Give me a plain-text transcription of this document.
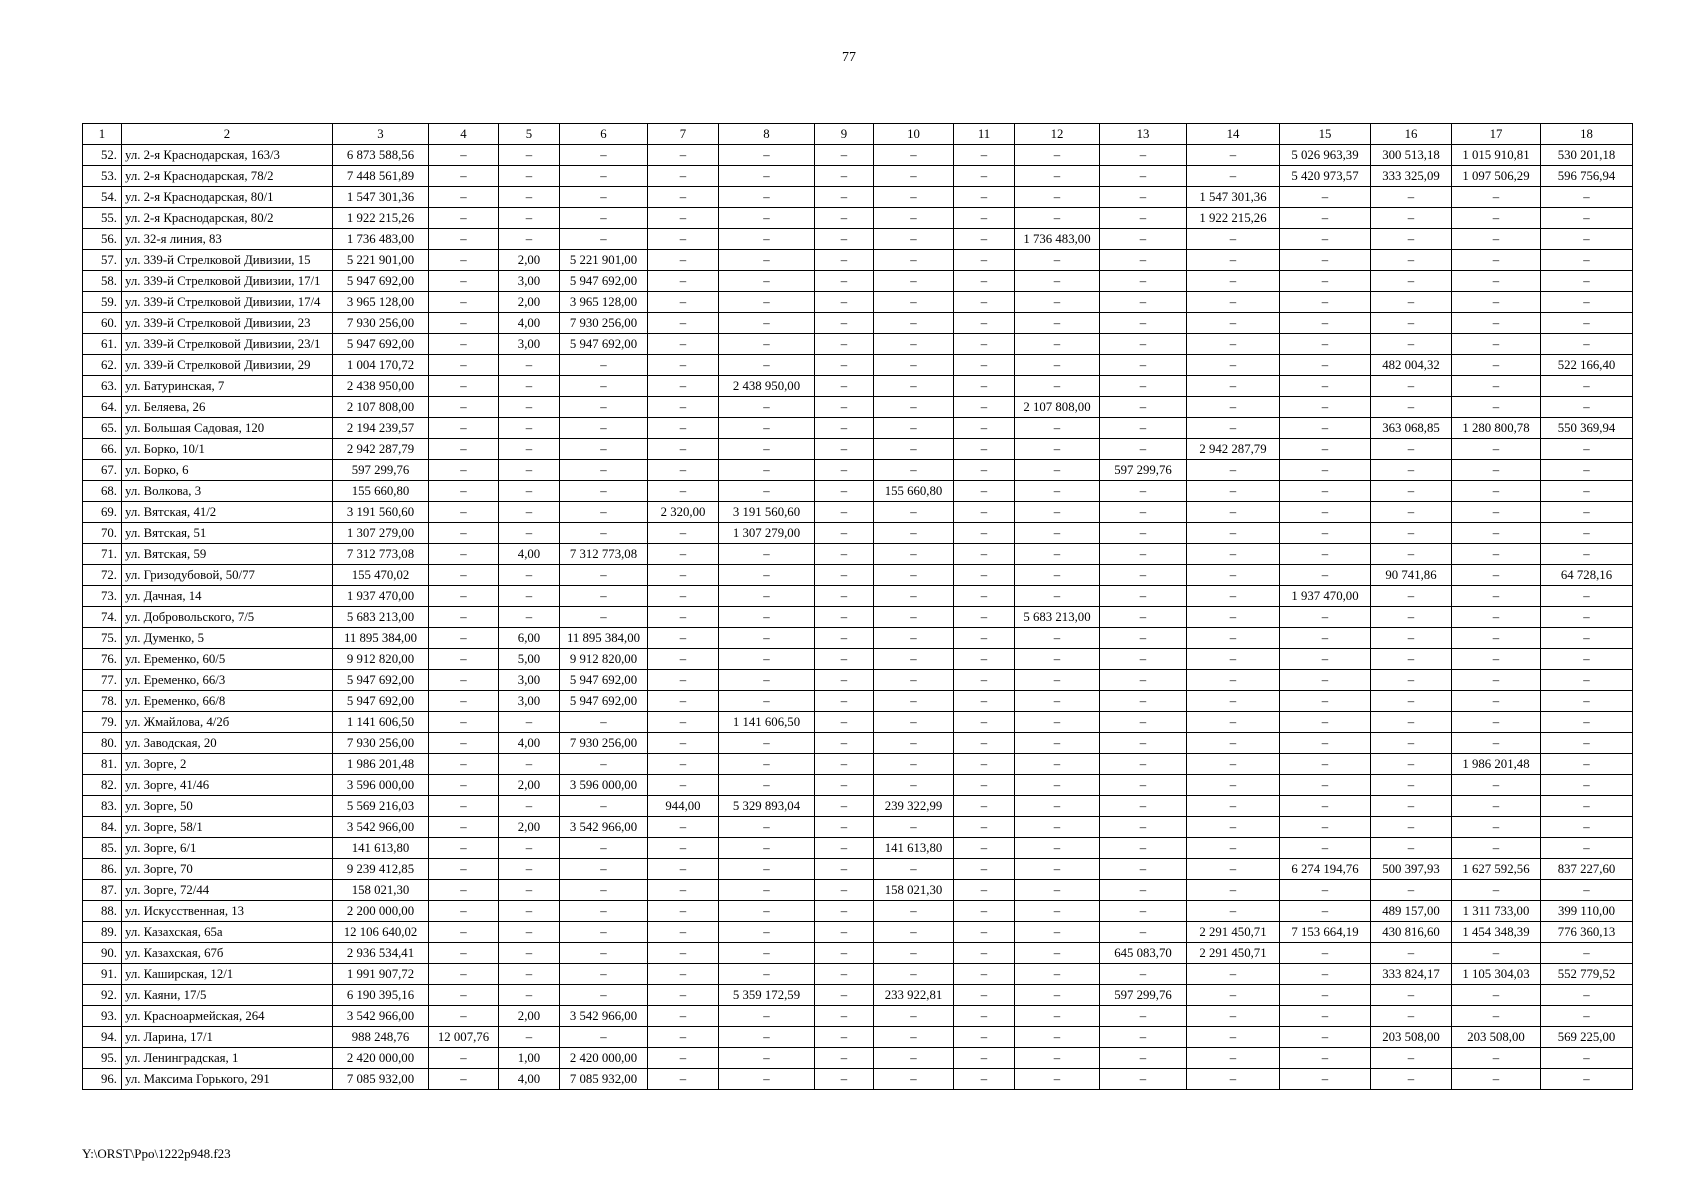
77
1	2	3	4	5	6	7	8	9	10	11	12	13	14	15	16	17	18
52.	ул. 2-я Краснодарская, 163/3	6 873 588,56	–	–	–	–	–	–	–	–	–	–	–	5 026 963,39	300 513,18	1 015 910,81	530 201,18
53.	ул. 2-я Краснодарская, 78/2	7 448 561,89	–	–	–	–	–	–	–	–	–	–	–	5 420 973,57	333 325,09	1 097 506,29	596 756,94
54.	ул. 2-я Краснодарская, 80/1	1 547 301,36	–	–	–	–	–	–	–	–	–	–	1 547 301,36	–	–	–	–
55.	ул. 2-я Краснодарская, 80/2	1 922 215,26	–	–	–	–	–	–	–	–	–	–	1 922 215,26	–	–	–	–
56.	ул. 32-я линия, 83	1 736 483,00	–	–	–	–	–	–	–	–	1 736 483,00	–	–	–	–	–	–
57.	ул. 339-й Стрелковой Дивизии, 15	5 221 901,00	–	2,00	5 221 901,00	–	–	–	–	–	–	–	–	–	–	–	–
58.	ул. 339-й Стрелковой Дивизии, 17/1	5 947 692,00	–	3,00	5 947 692,00	–	–	–	–	–	–	–	–	–	–	–	–
59.	ул. 339-й Стрелковой Дивизии, 17/4	3 965 128,00	–	2,00	3 965 128,00	–	–	–	–	–	–	–	–	–	–	–	–
60.	ул. 339-й Стрелковой Дивизии, 23	7 930 256,00	–	4,00	7 930 256,00	–	–	–	–	–	–	–	–	–	–	–	–
61.	ул. 339-й Стрелковой Дивизии, 23/1	5 947 692,00	–	3,00	5 947 692,00	–	–	–	–	–	–	–	–	–	–	–	–
62.	ул. 339-й Стрелковой Дивизии, 29	1 004 170,72	–	–	–	–	–	–	–	–	–	–	–	–	482 004,32	–	522 166,40
63.	ул. Батуринская, 7	2 438 950,00	–	–	–	–	2 438 950,00	–	–	–	–	–	–	–	–	–	–
64.	ул. Беляева, 26	2 107 808,00	–	–	–	–	–	–	–	–	2 107 808,00	–	–	–	–	–	–
65.	ул. Большая Садовая, 120	2 194 239,57	–	–	–	–	–	–	–	–	–	–	–	–	363 068,85	1 280 800,78	550 369,94
66.	ул. Борко, 10/1	2 942 287,79	–	–	–	–	–	–	–	–	–	–	2 942 287,79	–	–	–	–
67.	ул. Борко, 6	597 299,76	–	–	–	–	–	–	–	–	–	597 299,76	–	–	–	–	–
68.	ул. Волкова, 3	155 660,80	–	–	–	–	–	–	155 660,80	–	–	–	–	–	–	–	–
69.	ул. Вятская, 41/2	3 191 560,60	–	–	–	2 320,00	3 191 560,60	–	–	–	–	–	–	–	–	–	–
70.	ул. Вятская, 51	1 307 279,00	–	–	–	–	1 307 279,00	–	–	–	–	–	–	–	–	–	–
71.	ул. Вятская, 59	7 312 773,08	–	4,00	7 312 773,08	–	–	–	–	–	–	–	–	–	–	–	–
72.	ул. Гризодубовой, 50/77	155 470,02	–	–	–	–	–	–	–	–	–	–	–	–	90 741,86	–	64 728,16
73.	ул. Дачная, 14	1 937 470,00	–	–	–	–	–	–	–	–	–	–	–	1 937 470,00	–	–	–
74.	ул. Добровольского, 7/5	5 683 213,00	–	–	–	–	–	–	–	–	5 683 213,00	–	–	–	–	–	–
75.	ул. Думенко, 5	11 895 384,00	–	6,00	11 895 384,00	–	–	–	–	–	–	–	–	–	–	–	–
76.	ул. Еременко, 60/5	9 912 820,00	–	5,00	9 912 820,00	–	–	–	–	–	–	–	–	–	–	–	–
77.	ул. Еременко, 66/3	5 947 692,00	–	3,00	5 947 692,00	–	–	–	–	–	–	–	–	–	–	–	–
78.	ул. Еременко, 66/8	5 947 692,00	–	3,00	5 947 692,00	–	–	–	–	–	–	–	–	–	–	–	–
79.	ул. Жмайлова, 4/2б	1 141 606,50	–	–	–	–	1 141 606,50	–	–	–	–	–	–	–	–	–	–
80.	ул. Заводская, 20	7 930 256,00	–	4,00	7 930 256,00	–	–	–	–	–	–	–	–	–	–	–	–
81.	ул. Зорге, 2	1 986 201,48	–	–	–	–	–	–	–	–	–	–	–	–	–	1 986 201,48	–
82.	ул. Зорге, 41/46	3 596 000,00	–	2,00	3 596 000,00	–	–	–	–	–	–	–	–	–	–	–	–
83.	ул. Зорге, 50	5 569 216,03	–	–	–	944,00	5 329 893,04	–	239 322,99	–	–	–	–	–	–	–	–
84.	ул. Зорге, 58/1	3 542 966,00	–	2,00	3 542 966,00	–	–	–	–	–	–	–	–	–	–	–	–
85.	ул. Зорге, 6/1	141 613,80	–	–	–	–	–	–	141 613,80	–	–	–	–	–	–	–	–
86.	ул. Зорге, 70	9 239 412,85	–	–	–	–	–	–	–	–	–	–	–	6 274 194,76	500 397,93	1 627 592,56	837 227,60
87.	ул. Зорге, 72/44	158 021,30	–	–	–	–	–	–	158 021,30	–	–	–	–	–	–	–	–
88.	ул. Искусственная, 13	2 200 000,00	–	–	–	–	–	–	–	–	–	–	–	–	489 157,00	1 311 733,00	399 110,00
89.	ул. Казахская, 65а	12 106 640,02	–	–	–	–	–	–	–	–	–	–	2 291 450,71	7 153 664,19	430 816,60	1 454 348,39	776 360,13
90.	ул. Казахская, 67б	2 936 534,41	–	–	–	–	–	–	–	–	–	645 083,70	2 291 450,71	–	–	–	–
91.	ул. Каширская, 12/1	1 991 907,72	–	–	–	–	–	–	–	–	–	–	–	–	333 824,17	1 105 304,03	552 779,52
92.	ул. Каяни, 17/5	6 190 395,16	–	–	–	–	5 359 172,59	–	233 922,81	–	–	597 299,76	–	–	–	–	–
93.	ул. Красноармейская, 264	3 542 966,00	–	2,00	3 542 966,00	–	–	–	–	–	–	–	–	–	–	–	–
94.	ул. Ларина, 17/1	988 248,76	12 007,76	–	–	–	–	–	–	–	–	–	–	–	203 508,00	203 508,00	569 225,00
95.	ул. Ленинградская, 1	2 420 000,00	–	1,00	2 420 000,00	–	–	–	–	–	–	–	–	–	–	–	–
96.	ул. Максима Горького, 291	7 085 932,00	–	4,00	7 085 932,00	–	–	–	–	–	–	–	–	–	–	–	–
Y:\ORST\Ppo\1222p948.f23
